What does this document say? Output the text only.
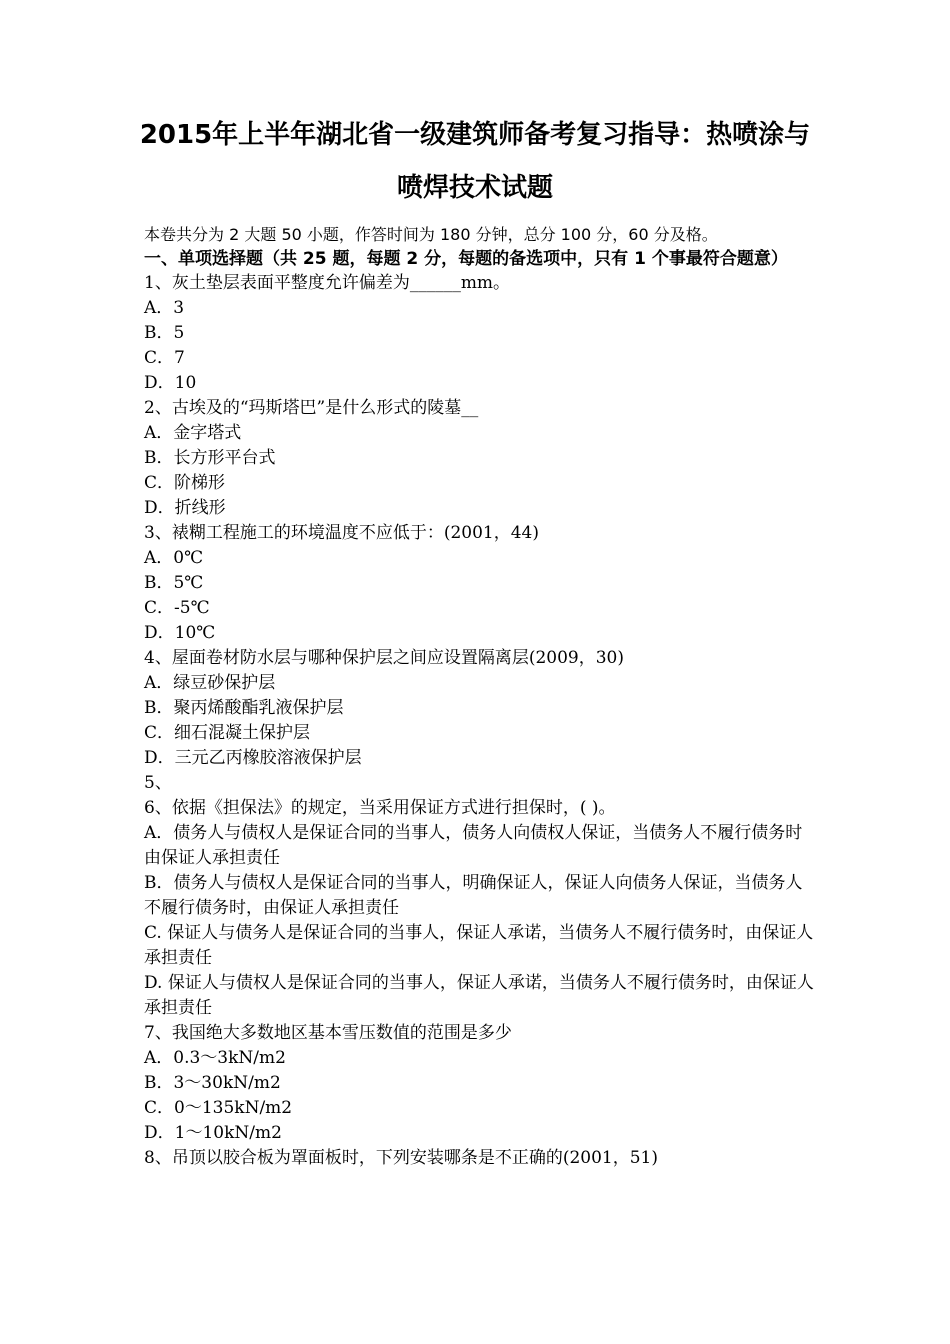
2015年上半年湖北省一级建筑师备考复习指导：热喷涂与
喷焊技术试题
本卷共分为 2 大题 50 小题，作答时间为 180 分钟，总分 100 分，60 分及格。
一、单项选择题（共 25 题，每题 2 分，每题的备选项中，只有 1 个事最符合题意）
1、灰土垫层表面平整度允许偏差为______mm。
A．3
B．5
C．7
D．10
2、古埃及的“玛斯塔巴”是什么形式的陵墓__
A．金字塔式
B．长方形平台式
C．阶梯形
D．折线形
3、裱糊工程施工的环境温度不应低于：(2001，44)
A．0℃
B．5℃
C．-5℃
D．10℃
4、屋面卷材防水层与哪种保护层之间应设置隔离层(2009，30)
A．绿豆砂保护层
B．聚丙烯酸酯乳液保护层
C．细石混凝土保护层
D．三元乙丙橡胶溶液保护层
5、
6、依据《担保法》的规定，当采用保证方式进行担保时，( )。
A．债务人与债权人是保证合同的当事人，债务人向债权人保证，当债务人不履行债务时由保证人承担责任
B．债务人与债权人是保证合同的当事人，明确保证人，保证人向债务人保证，当债务人不履行债务时，由保证人承担责任
C. 保证人与债务人是保证合同的当事人，保证人承诺，当债务人不履行债务时，由保证人承担责任
D. 保证人与债权人是保证合同的当事人，保证人承诺，当债务人不履行债务时，由保证人承担责任
7、我国绝大多数地区基本雪压数值的范围是多少
A．0.3～3kN/m2
B．3～30kN/m2
C．0～135kN/m2
D．1～10kN/m2
8、吊顶以胶合板为罩面板时，下列安装哪条是不正确的(2001，51)
